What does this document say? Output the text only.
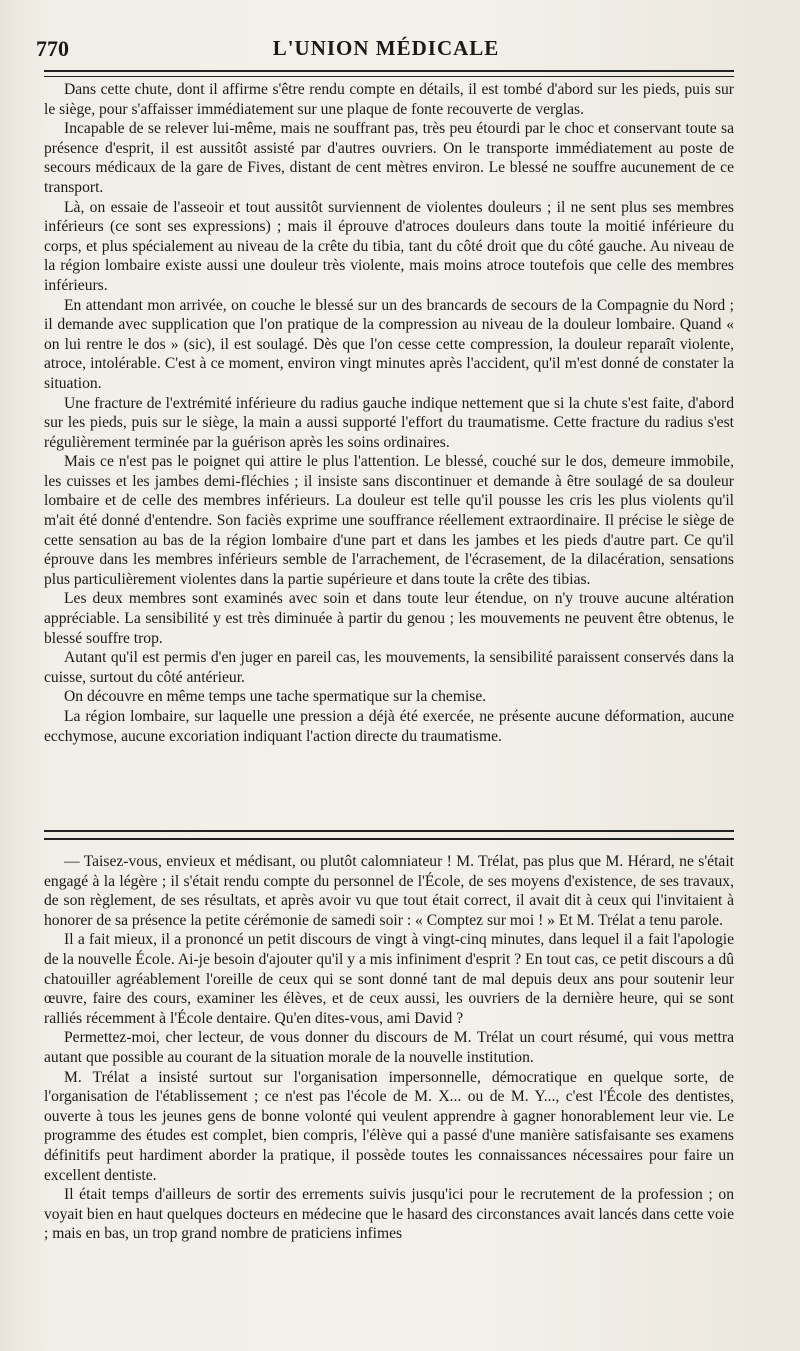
770	L'UNION MÉDICALE

Dans cette chute, dont il affirme s'être rendu compte en détails, il est tombé d'abord sur les pieds, puis sur le siège, pour s'affaisser immédiatement sur une plaque de fonte recouverte de verglas.

Incapable de se relever lui-même, mais ne souffrant pas, très peu étourdi par le choc et conservant toute sa présence d'esprit, il est aussitôt assisté par d'autres ouvriers. On le transporte immédiatement au poste de secours médicaux de la gare de Fives, distant de cent mètres environ. Le blessé ne souffre aucunement de ce transport.

Là, on essaie de l'asseoir et tout aussitôt surviennent de violentes douleurs ; il ne sent plus ses membres inférieurs (ce sont ses expressions) ; mais il éprouve d'atroces douleurs dans toute la moitié inférieure du corps, et plus spécialement au niveau de la crête du tibia, tant du côté droit que du côté gauche. Au niveau de la région lombaire existe aussi une douleur très violente, mais moins atroce toutefois que celle des membres inférieurs.

En attendant mon arrivée, on couche le blessé sur un des brancards de secours de la Compagnie du Nord ; il demande avec supplication que l'on pratique de la compression au niveau de la douleur lombaire. Quand « on lui rentre le dos » (sic), il est soulagé. Dès que l'on cesse cette compression, la douleur reparaît violente, atroce, intolérable. C'est à ce moment, environ vingt minutes après l'accident, qu'il m'est donné de constater la situation.

Une fracture de l'extrémité inférieure du radius gauche indique nettement que si la chute s'est faite, d'abord sur les pieds, puis sur le siège, la main a aussi supporté l'effort du traumatisme. Cette fracture du radius s'est régulièrement terminée par la guérison après les soins ordinaires.

Mais ce n'est pas le poignet qui attire le plus l'attention. Le blessé, couché sur le dos, demeure immobile, les cuisses et les jambes demi-fléchies ; il insiste sans discontinuer et demande à être soulagé de sa douleur lombaire et de celle des membres inférieurs. La douleur est telle qu'il pousse les cris les plus violents qu'il m'ait été donné d'entendre. Son faciès exprime une souffrance réellement extraordinaire. Il précise le siège de cette sensation au bas de la région lombaire d'une part et dans les jambes et les pieds d'autre part. Ce qu'il éprouve dans les membres inférieurs semble de l'arrachement, de l'écrasement, de la dilacération, sensations plus particulièrement violentes dans la partie supérieure et dans toute la crête des tibias.

Les deux membres sont examinés avec soin et dans toute leur étendue, on n'y trouve aucune altération appréciable. La sensibilité y est très diminuée à partir du genou ; les mouvements ne peuvent être obtenus, le blessé souffre trop.

Autant qu'il est permis d'en juger en pareil cas, les mouvements, la sensibilité paraissent conservés dans la cuisse, surtout du côté antérieur.

On découvre en même temps une tache spermatique sur la chemise.

La région lombaire, sur laquelle une pression a déjà été exercée, ne présente aucune déformation, aucune ecchymose, aucune excoriation indiquant l'action directe du traumatisme.

— Taisez-vous, envieux et médisant, ou plutôt calomniateur ! M. Trélat, pas plus que M. Hérard, ne s'était engagé à la légère ; il s'était rendu compte du personnel de l'École, de ses moyens d'existence, de ses travaux, de son règlement, de ses résultats, et après avoir vu que tout était correct, il avait dit à ceux qui l'invitaient à honorer de sa présence la petite cérémonie de samedi soir : « Comptez sur moi ! » Et M. Trélat a tenu parole.

Il a fait mieux, il a prononcé un petit discours de vingt à vingt-cinq minutes, dans lequel il a fait l'apologie de la nouvelle École. Ai-je besoin d'ajouter qu'il y a mis infiniment d'esprit ? En tout cas, ce petit discours a dû chatouiller agréablement l'oreille de ceux qui se sont donné tant de mal depuis deux ans pour soutenir leur œuvre, faire des cours, examiner les élèves, et de ceux aussi, les ouvriers de la dernière heure, qui se sont ralliés récemment à l'École dentaire. Qu'en dites-vous, ami David ?

Permettez-moi, cher lecteur, de vous donner du discours de M. Trélat un court résumé, qui vous mettra autant que possible au courant de la situation morale de la nouvelle institution.

M. Trélat a insisté surtout sur l'organisation impersonnelle, démocratique en quelque sorte, de l'organisation de l'établissement ; ce n'est pas l'école de M. X... ou de M. Y..., c'est l'École des dentistes, ouverte à tous les jeunes gens de bonne volonté qui veulent apprendre à gagner honorablement leur vie. Le programme des études est complet, bien compris, l'élève qui a passé d'une manière satisfaisante ses examens définitifs peut hardiment aborder la pratique, il possède toutes les connaissances nécessaires pour faire un excellent dentiste.

Il était temps d'ailleurs de sortir des errements suivis jusqu'ici pour le recrutement de la profession ; on voyait bien en haut quelques docteurs en médecine que le hasard des circonstances avait lancés dans cette voie ; mais en bas, un trop grand nombre de praticiens infimes
